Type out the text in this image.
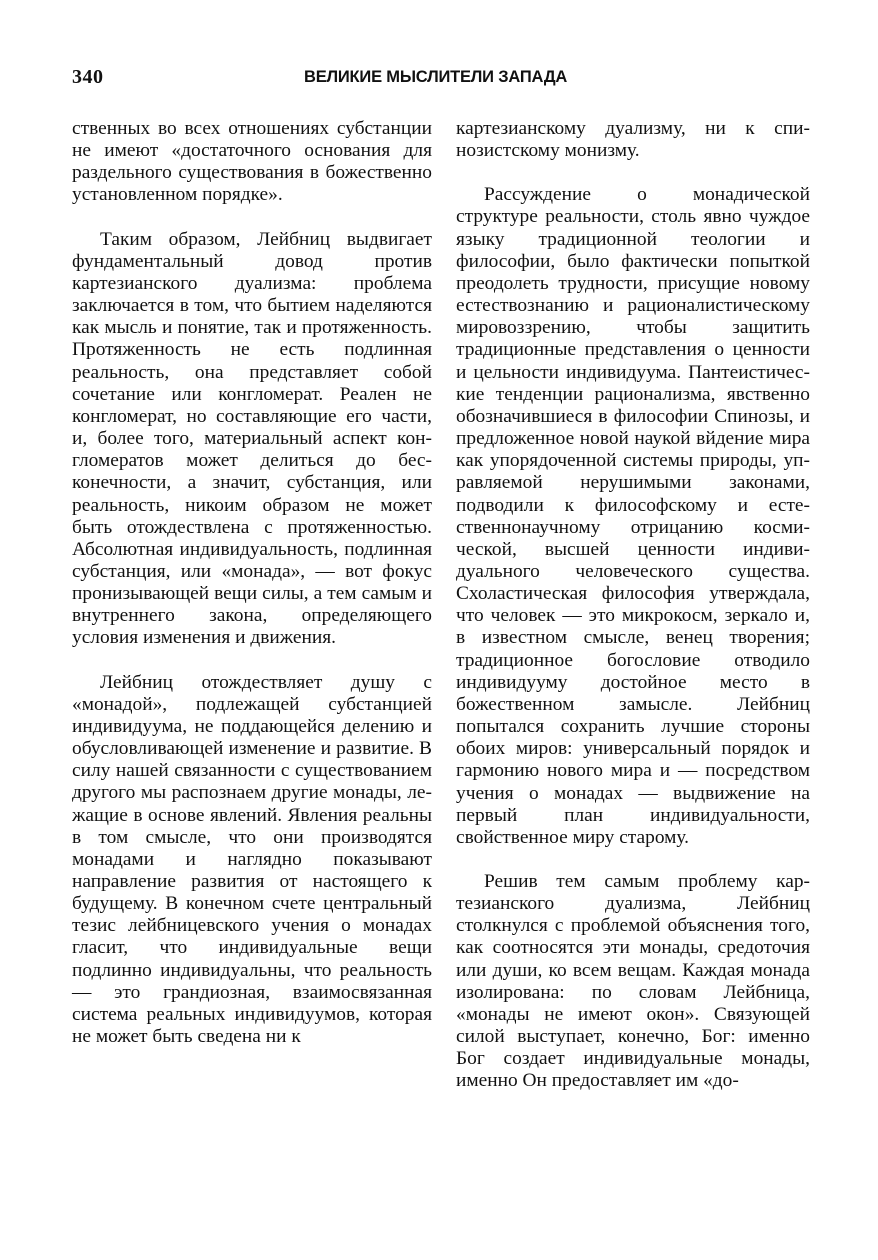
340	ВЕЛИКИЕ МЫСЛИТЕЛИ ЗАПАДА

ственных во всех отношениях субстанции не имеют «достаточного основания для раздельного существования в божественно установленном порядке».

Таким образом, Лейбниц выдвигает фундаментальный довод против картезианского дуализма: проблема заключается в том, что бытием наделяются как мысль и понятие, так и протяженность. Протяженность не есть подлинная реальность, она представляет собой сочетание или конгломерат. Реален не конгломерат, но составляющие его части, и, более того, материальный аспект конгломератов может делиться до бесконечности, а значит, субстанция, или реальность, никоим образом не может быть отождествлена с протяженностью. Абсолютная индивидуальность, подлинная субстанция, или «монада», — вот фокус пронизывающей вещи силы, а тем самым и внутреннего закона, определяющего условия изменения и движения.

Лейбниц отождествляет душу с «монадой», подлежащей субстанцией индивидуума, не поддающейся делению и обусловливающей изменение и развитие. В силу нашей связанности с существованием другого мы распознаем другие монады, лежащие в основе явлений. Явления реальны в том смысле, что они производятся монадами и наглядно показывают направление развития от настоящего к будущему. В конечном счете центральный тезис лейбницевского учения о монадах гласит, что индивидуальные вещи подлинно индивидуальны, что реальность — это грандиозная, взаимосвязанная система реальных индивидуумов, которая не может быть сведена ни к

картезианскому дуализму, ни к спинозистскому монизму.

Рассуждение о монадической структуре реальности, столь явно чуждое языку традиционной теологии и философии, было фактически попыткой преодолеть трудности, присущие новому естествознанию и рационалистическому мировоззрению, чтобы защитить традиционные представления о ценности и цельности индивидуума. Пантеистические тенденции рационализма, явственно обозначившиеся в философии Спинозы, и предложенное новой наукой вйдение мира как упорядоченной системы природы, управляемой нерушимыми законами, подводили к философскому и естественнонаучному отрицанию космической, высшей ценности индивидуального человеческого существа. Схоластическая философия утверждала, что человек — это микрокосм, зеркало и, в известном смысле, венец творения; традиционное богословие отводило индивидууму достойное место в божественном замысле. Лейбниц попытался сохранить лучшие стороны обоих миров: универсальный порядок и гармонию нового мира и — посредством учения о монадах — выдвижение на первый план индивидуальности, свойственное миру старому.

Решив тем самым проблему картезианского дуализма, Лейбниц столкнулся с проблемой объяснения того, как соотносятся эти монады, средоточия или души, ко всем вещам. Каждая монада изолирована: по словам Лейбница, «монады не имеют окон». Связующей силой выступает, конечно, Бог: именно Бог создает индивидуальные монады, именно Он предоставляет им «до-
